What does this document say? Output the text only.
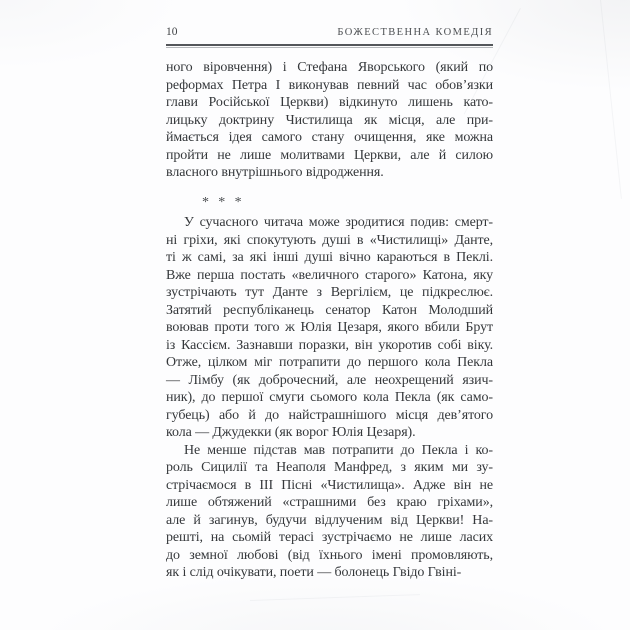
10	БОЖЕСТВЕННА КОМЕДІЯ
ного віровчення) і Стефана Яворського (який по
реформах Петра І виконував певний час обов’язки
глави Російської Церкви) відкинуто лишень като-
лицьку доктрину Чистилища як місця, але при-
ймається ідея самого стану очищення, яке можна
пройти не лише молитвами Церкви, але й силою
власного внутрішнього відродження.
* * *
У сучасного читача може зродитися подив: смерт-
ні гріхи, які спокутують душі в «Чистилищі» Данте,
ті ж самі, за які інші душі вічно караються в Пеклі.
Вже перша постать «величного старого» Катона, яку
зустрічають тут Данте з Вергілієм, це підкреслює.
Затятий республіканець сенатор Катон Молодший
воював проти того ж Юлія Цезаря, якого вбили Брут
із Кассієм. Зазнавши поразки, він укоротив собі віку.
Отже, цілком міг потрапити до першого кола Пекла
— Лімбу (як доброчесний, але неохрещений язич-
ник), до першої смуги сьомого кола Пекла (як само-
губець) або й до найстрашнішого місця дев’ятого
кола — Джудекки (як ворог Юлія Цезаря).
Не менше підстав мав потрапити до Пекла і ко-
роль Сицилії та Неаполя Манфред, з яким ми зу-
стрічаємося в III Пісні «Чистилища». Адже він не
лише обтяжений «страшними без краю гріхами»,
але й загинув, будучи відлученим від Церкви! На-
решті, на сьомій терасі зустрічаємо не лише ласих
до земної любові (від їхнього імені промовляють,
як і слід очікувати, поети — болонець Гвідо Гвіні-
